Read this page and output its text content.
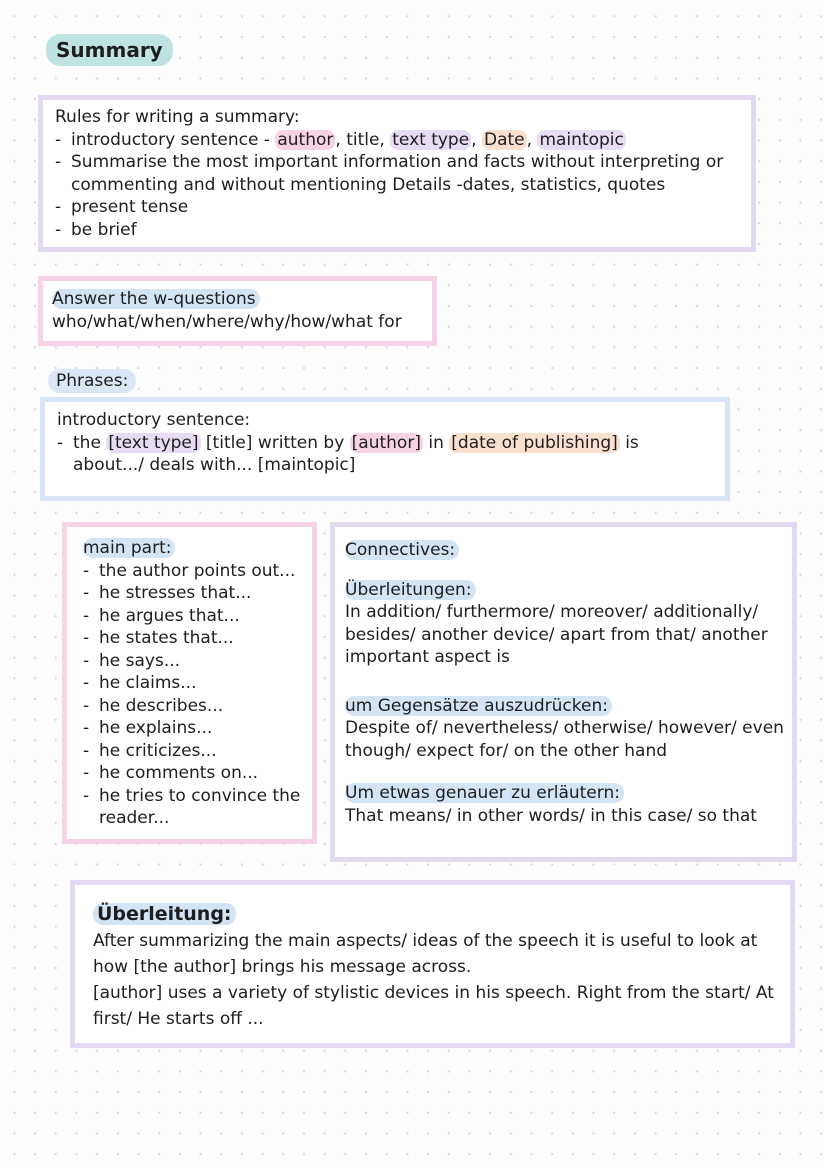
Summary
Rules for writing a summary:
- introductory sentence - author , title, text type , Date , maintopic
- Summarise the most important information and facts without interpreting or commenting and without mentioning Details -dates, statistics, quotes
- present tense
- be brief
Answer the w-questions
who/what/when/where/why/how/what for
Phrases:
introductory sentence:
- the [text type] [title] written by [author] in [date of publishing] is about.../ deals with... [maintopic]
main part:
- the author points out...
- he stresses that...
- he argues that...
- he states that...
- he says...
- he claims...
- he describes...
- he explains...
- he criticizes...
- he comments on...
- he tries to convince the reader...
Connectives:

Überleitungen:
In addition/ furthermore/ moreover/ additionally/ besides/ another device/ apart from that/ another important aspect is

um Gegensätze auszudrücken:
Despite of/ nevertheless/ otherwise/ however/ even though/ expect for/ on the other hand

Um etwas genauer zu erläutern:
That means/ in other words/ in this case/ so that
Überleitung:
After summarizing the main aspects/ ideas of the speech it is useful to look at how [the author] brings his message across.
[author] uses a variety of stylistic devices in his speech. Right from the start/ At first/ He starts off ...
